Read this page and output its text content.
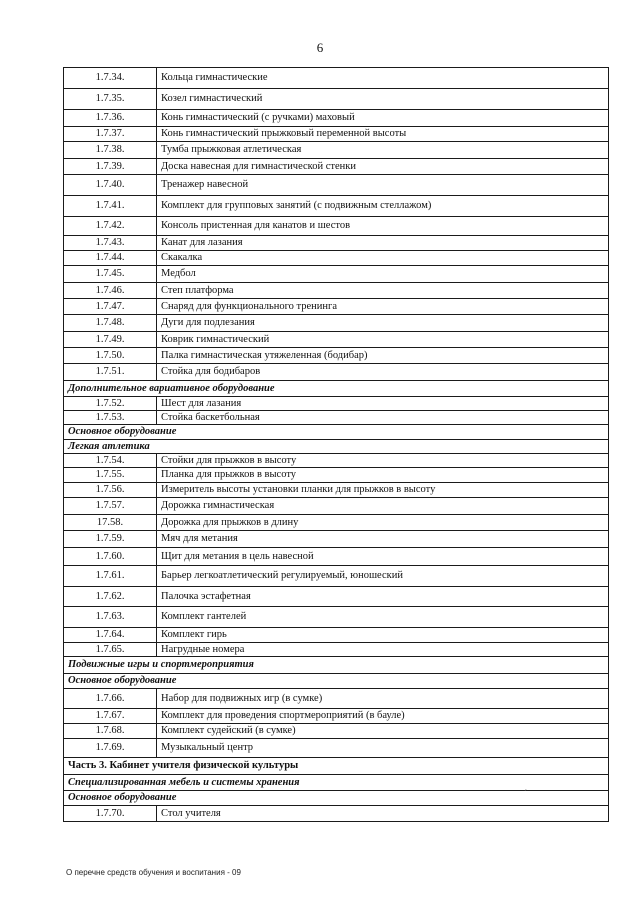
6
1.7.34.	Кольца гимнастические
1.7.35.	Козел гимнастический
1.7.36.	Конь гимнастический (с ручками) маховый
1.7.37.	Конь гимнастический прыжковый переменной высоты
1.7.38.	Тумба прыжковая атлетическая
1.7.39.	Доска навесная для гимнастической стенки
1.7.40.	Тренажер навесной
1.7.41.	Комплект для групповых занятий (с подвижным стеллажом)
1.7.42.	Консоль пристенная для канатов и шестов
1.7.43.	Канат для лазания
1.7.44.	Скакалка
1.7.45.	Медбол
1.7.46.	Степ платформа
1.7.47.	Снаряд для функционального тренинга
1.7.48.	Дуги для подлезания
1.7.49.	Коврик гимнастический
1.7.50.	Палка гимнастическая утяжеленная (бодибар)
1.7.51.	Стойка для бодибаров
Дополнительное вариативное оборудование	
1.7.52.	Шест для лазания
1.7.53.	Стойка баскетбольная
Основное оборудование	
Легкая атлетика	
1.7.54.	Стойки для прыжков в высоту
1.7.55.	Планка для прыжков в высоту
1.7.56.	Измеритель высоты установки планки для прыжков в высоту
1.7.57.	Дорожка гимнастическая
17.58.	Дорожка для прыжков в длину
1.7.59.	Мяч для метания
1.7.60.	Щит для метания в цель навесной
1.7.61.	Барьер легкоатлетический регулируемый, юношеский
1.7.62.	Палочка эстафетная
1.7.63.	Комплект гантелей
1.7.64.	Комплект гирь
1.7.65.	Нагрудные номера
Подвижные игры и спортмероприятия	
Основное оборудование	
1.7.66.	Набор для подвижных игр (в сумке)
1.7.67.	Комплект для проведения спортмероприятий (в бауле)
1.7.68.	Комплект судейский (в сумке)
1.7.69.	Музыкальный центр
Часть 3. Кабинет учителя физической культуры	
Специализированная мебель и системы хранения	
Основное оборудование	
1.7.70.	Стол учителя
ˊ
О перечне средств обучения и воспитания - 09
